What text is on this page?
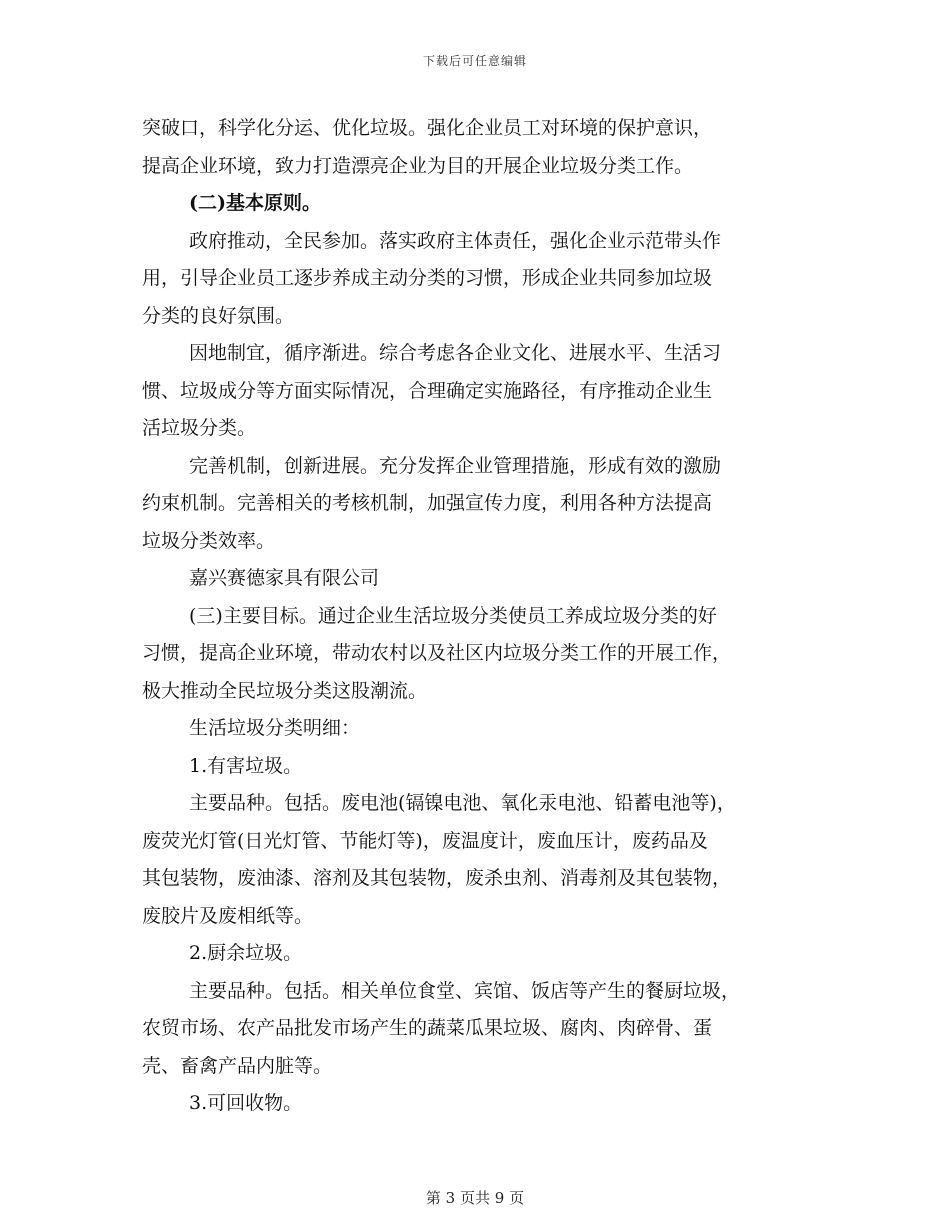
下载后可任意编辑
突破口，科学化分运、优化垃圾。强化企业员工对环境的保护意识，
提高企业环境，致力打造漂亮企业为目的开展企业垃圾分类工作。
(二)基本原则。
政府推动，全民参加。落实政府主体责任，强化企业示范带头作
用，引导企业员工逐步养成主动分类的习惯，形成企业共同参加垃圾
分类的良好氛围。
因地制宜，循序渐进。综合考虑各企业文化、进展水平、生活习
惯、垃圾成分等方面实际情况，合理确定实施路径，有序推动企业生
活垃圾分类。
完善机制，创新进展。充分发挥企业管理措施，形成有效的激励
约束机制。完善相关的考核机制，加强宣传力度，利用各种方法提高
垃圾分类效率。
嘉兴赛德家具有限公司
(三)主要目标。通过企业生活垃圾分类使员工养成垃圾分类的好
习惯，提高企业环境，带动农村以及社区内垃圾分类工作的开展工作，
极大推动全民垃圾分类这股潮流。
生活垃圾分类明细：
1.有害垃圾。
主要品种。包括。废电池(镉镍电池、氧化汞电池、铅蓄电池等)，
废荧光灯管(日光灯管、节能灯等)，废温度计，废血压计，废药品及
其包装物，废油漆、溶剂及其包装物，废杀虫剂、消毒剂及其包装物，
废胶片及废相纸等。
2.厨余垃圾。
主要品种。包括。相关单位食堂、宾馆、饭店等产生的餐厨垃圾，
农贸市场、农产品批发市场产生的蔬菜瓜果垃圾、腐肉、肉碎骨、蛋
壳、畜禽产品内脏等。
3.可回收物。
第 3 页共 9 页
